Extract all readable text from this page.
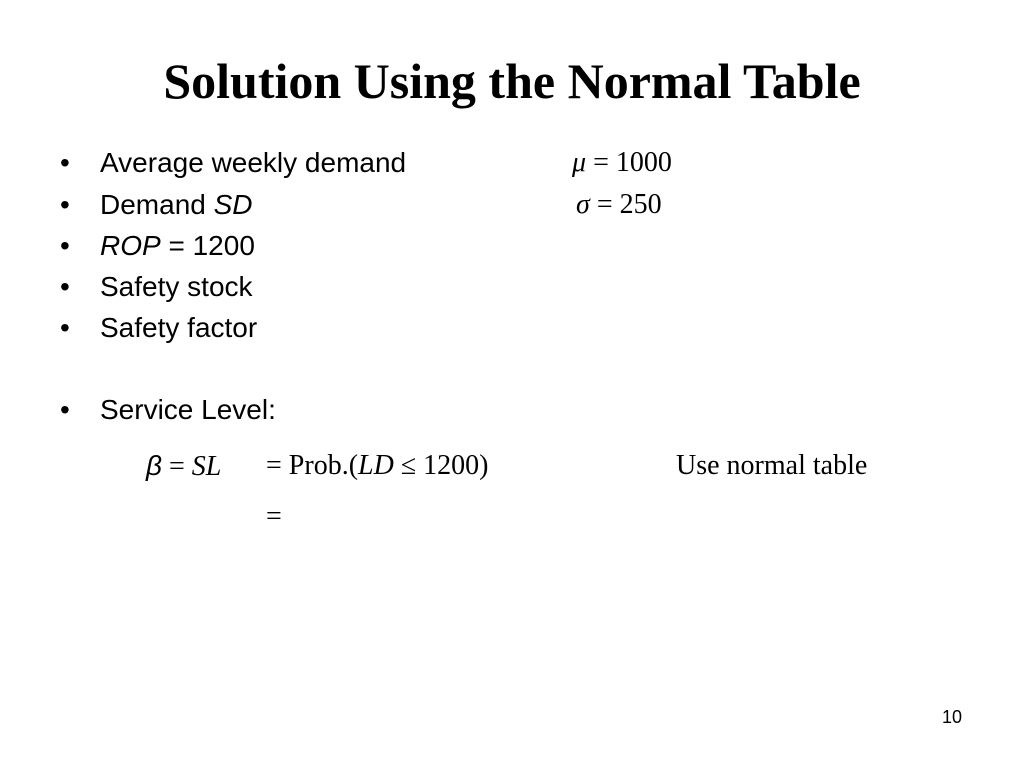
Solution Using the Normal Table
• Average weekly demand
• Demand SD
• ROP = 1200
• Safety stock
• Safety factor
• Service Level:
μ = 1000
σ = 250
β = SL = Prob.(LD ≤ 1200)	Use normal table
=
10
